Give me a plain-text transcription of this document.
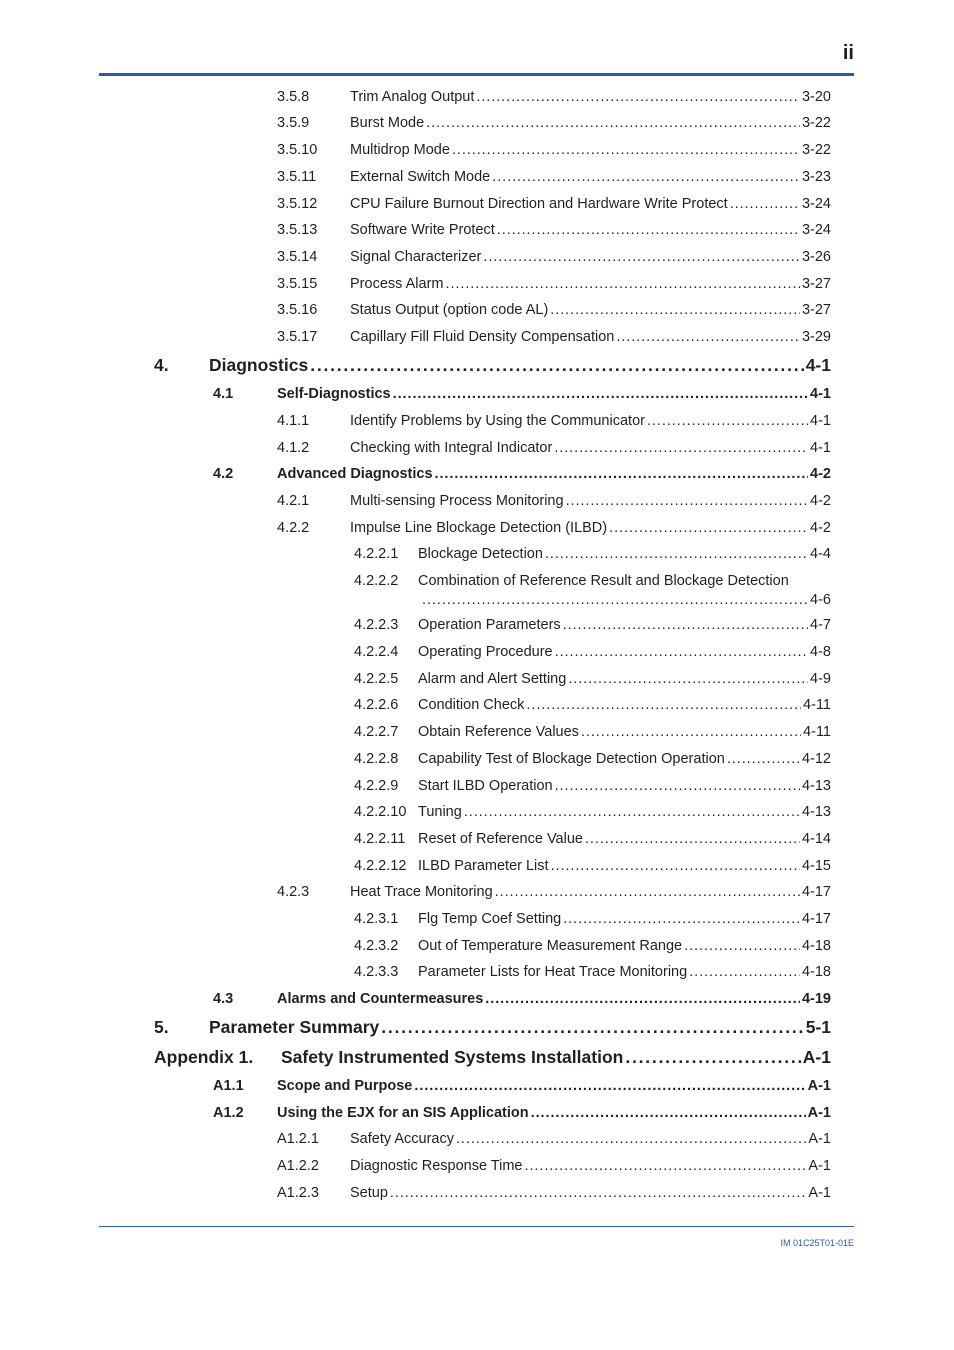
ii
3.5.8	Trim Analog Output . . .	3-20
3.5.9	Burst Mode . . .	3-22
3.5.10	Multidrop Mode . . .	3-22
3.5.11	External Switch Mode . . .	3-23
3.5.12	CPU Failure Burnout Direction and Hardware Write Protect . . .	3-24
3.5.13	Software Write Protect . . .	3-24
3.5.14	Signal Characterizer . . .	3-26
3.5.15	Process Alarm . . .	3-27
3.5.16	Status Output (option code AL) . . .	3-27
3.5.17	Capillary Fill Fluid Density Compensation . . .	3-29
4.	Diagnostics . . .	4-1
4.1	Self-Diagnostics . . .	4-1
4.1.1	Identify Problems by Using the Communicator . . .	4-1
4.1.2	Checking with Integral Indicator . . .	4-1
4.2	Advanced Diagnostics . . .	4-2
4.2.1	Multi-sensing Process Monitoring . . .	4-2
4.2.2	Impulse Line Blockage Detection (ILBD) . . .	4-2
4.2.2.1	Blockage Detection . . .	4-4
4.2.2.2	Combination of Reference Result and Blockage Detection
. . .
4-6
4.2.2.3	Operation Parameters . . .	4-7
4.2.2.4	Operating Procedure . . .	4-8
4.2.2.5	Alarm and Alert Setting . . .	4-9
4.2.2.6	Condition Check . . .	4-11
4.2.2.7	Obtain Reference Values . . .	4-11
4.2.2.8	Capability Test of Blockage Detection Operation . . .	4-12
4.2.2.9	Start ILBD Operation . . .	4-13
4.2.2.10 Tuning . . .	4-13
4.2.2.11 Reset of Reference Value . . .	4-14
4.2.2.12 ILBD Parameter List . . .	4-15
4.2.3	Heat Trace Monitoring . . .	4-17
4.2.3.1	Flg Temp Coef Setting . . .	4-17
4.2.3.2	Out of Temperature Measurement Range . . .	4-18
4.2.3.3	Parameter Lists for Heat Trace Monitoring . . .	4-18
4.3	Alarms and Countermeasures . . .	4-19
5.	Parameter Summary . . .	5-1
Appendix 1.	Safety Instrumented Systems Installation . . .	A-1
A1.1	Scope and Purpose . . .	A-1
A1.2	Using the EJX for an SIS Application . . .	A-1
A1.2.1	Safety Accuracy . . .	A-1
A1.2.2	Diagnostic Response Time . . .	A-1
A1.2.3	Setup . . .	A-1
IM 01C25T01-01E
